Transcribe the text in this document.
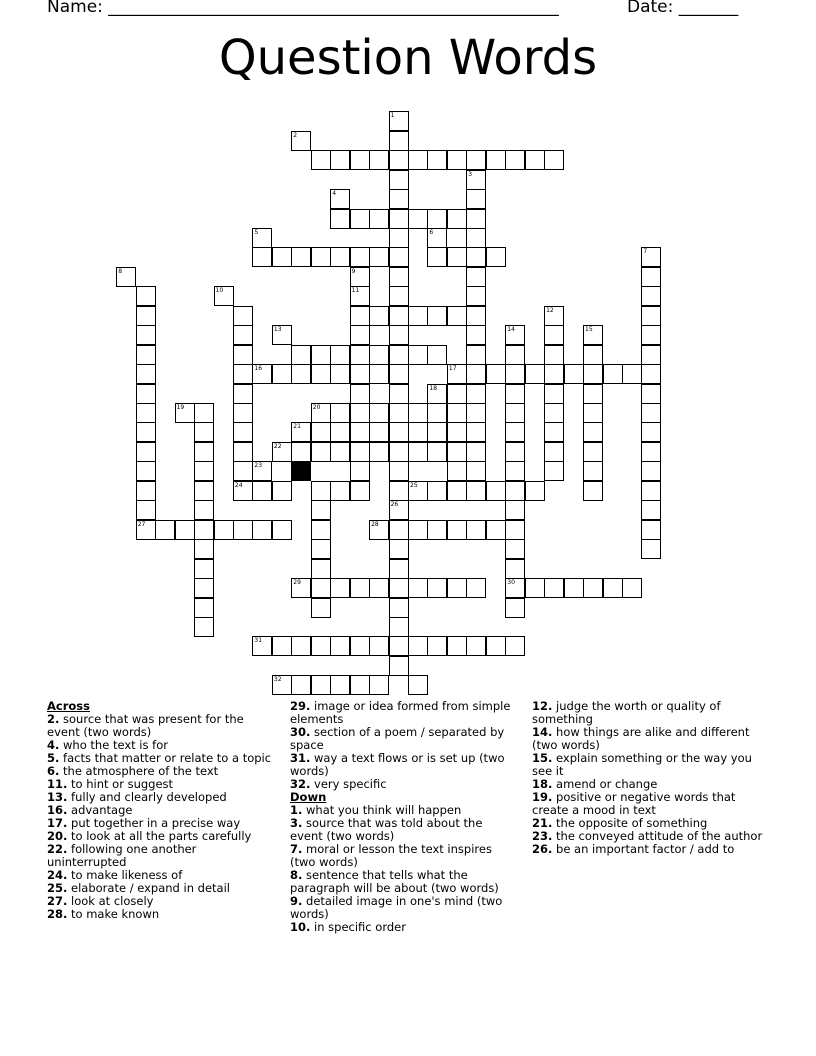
Name: _____________________________________________________	Date: _______
Question Words
26
27
11
30
16	17
1
2
3
4
5	6
7
8	9
10
12
13	14	15
18
19	20
21
22
23
24	25
28
29
31
32
Across
2. source that was present for the event (two words)
4. who the text is for
5. facts that matter or relate to a topic
6. the atmosphere of the text
11. to hint or suggest
13. fully and clearly developed
16. advantage
17. put together in a precise way
20. to look at all the parts carefully
22. following one another uninterrupted
24. to make likeness of
25. elaborate / expand in detail
27. look at closely
28. to make known
29. image or idea formed from simple elements
30. section of a poem / separated by space
31. way a text flows or is set up (two words)
32. very specific
Down
1. what you think will happen
3. source that was told about the event (two words)
7. moral or lesson the text inspires (two words)
8. sentence that tells what the paragraph will be about (two words)
9. detailed image in one's mind (two words)
10. in specific order
12. judge the worth or quality of something
14. how things are alike and different (two words)
15. explain something or the way you see it
18. amend or change
19. positive or negative words that create a mood in text
21. the opposite of something
23. the conveyed attitude of the author
26. be an important factor / add to
